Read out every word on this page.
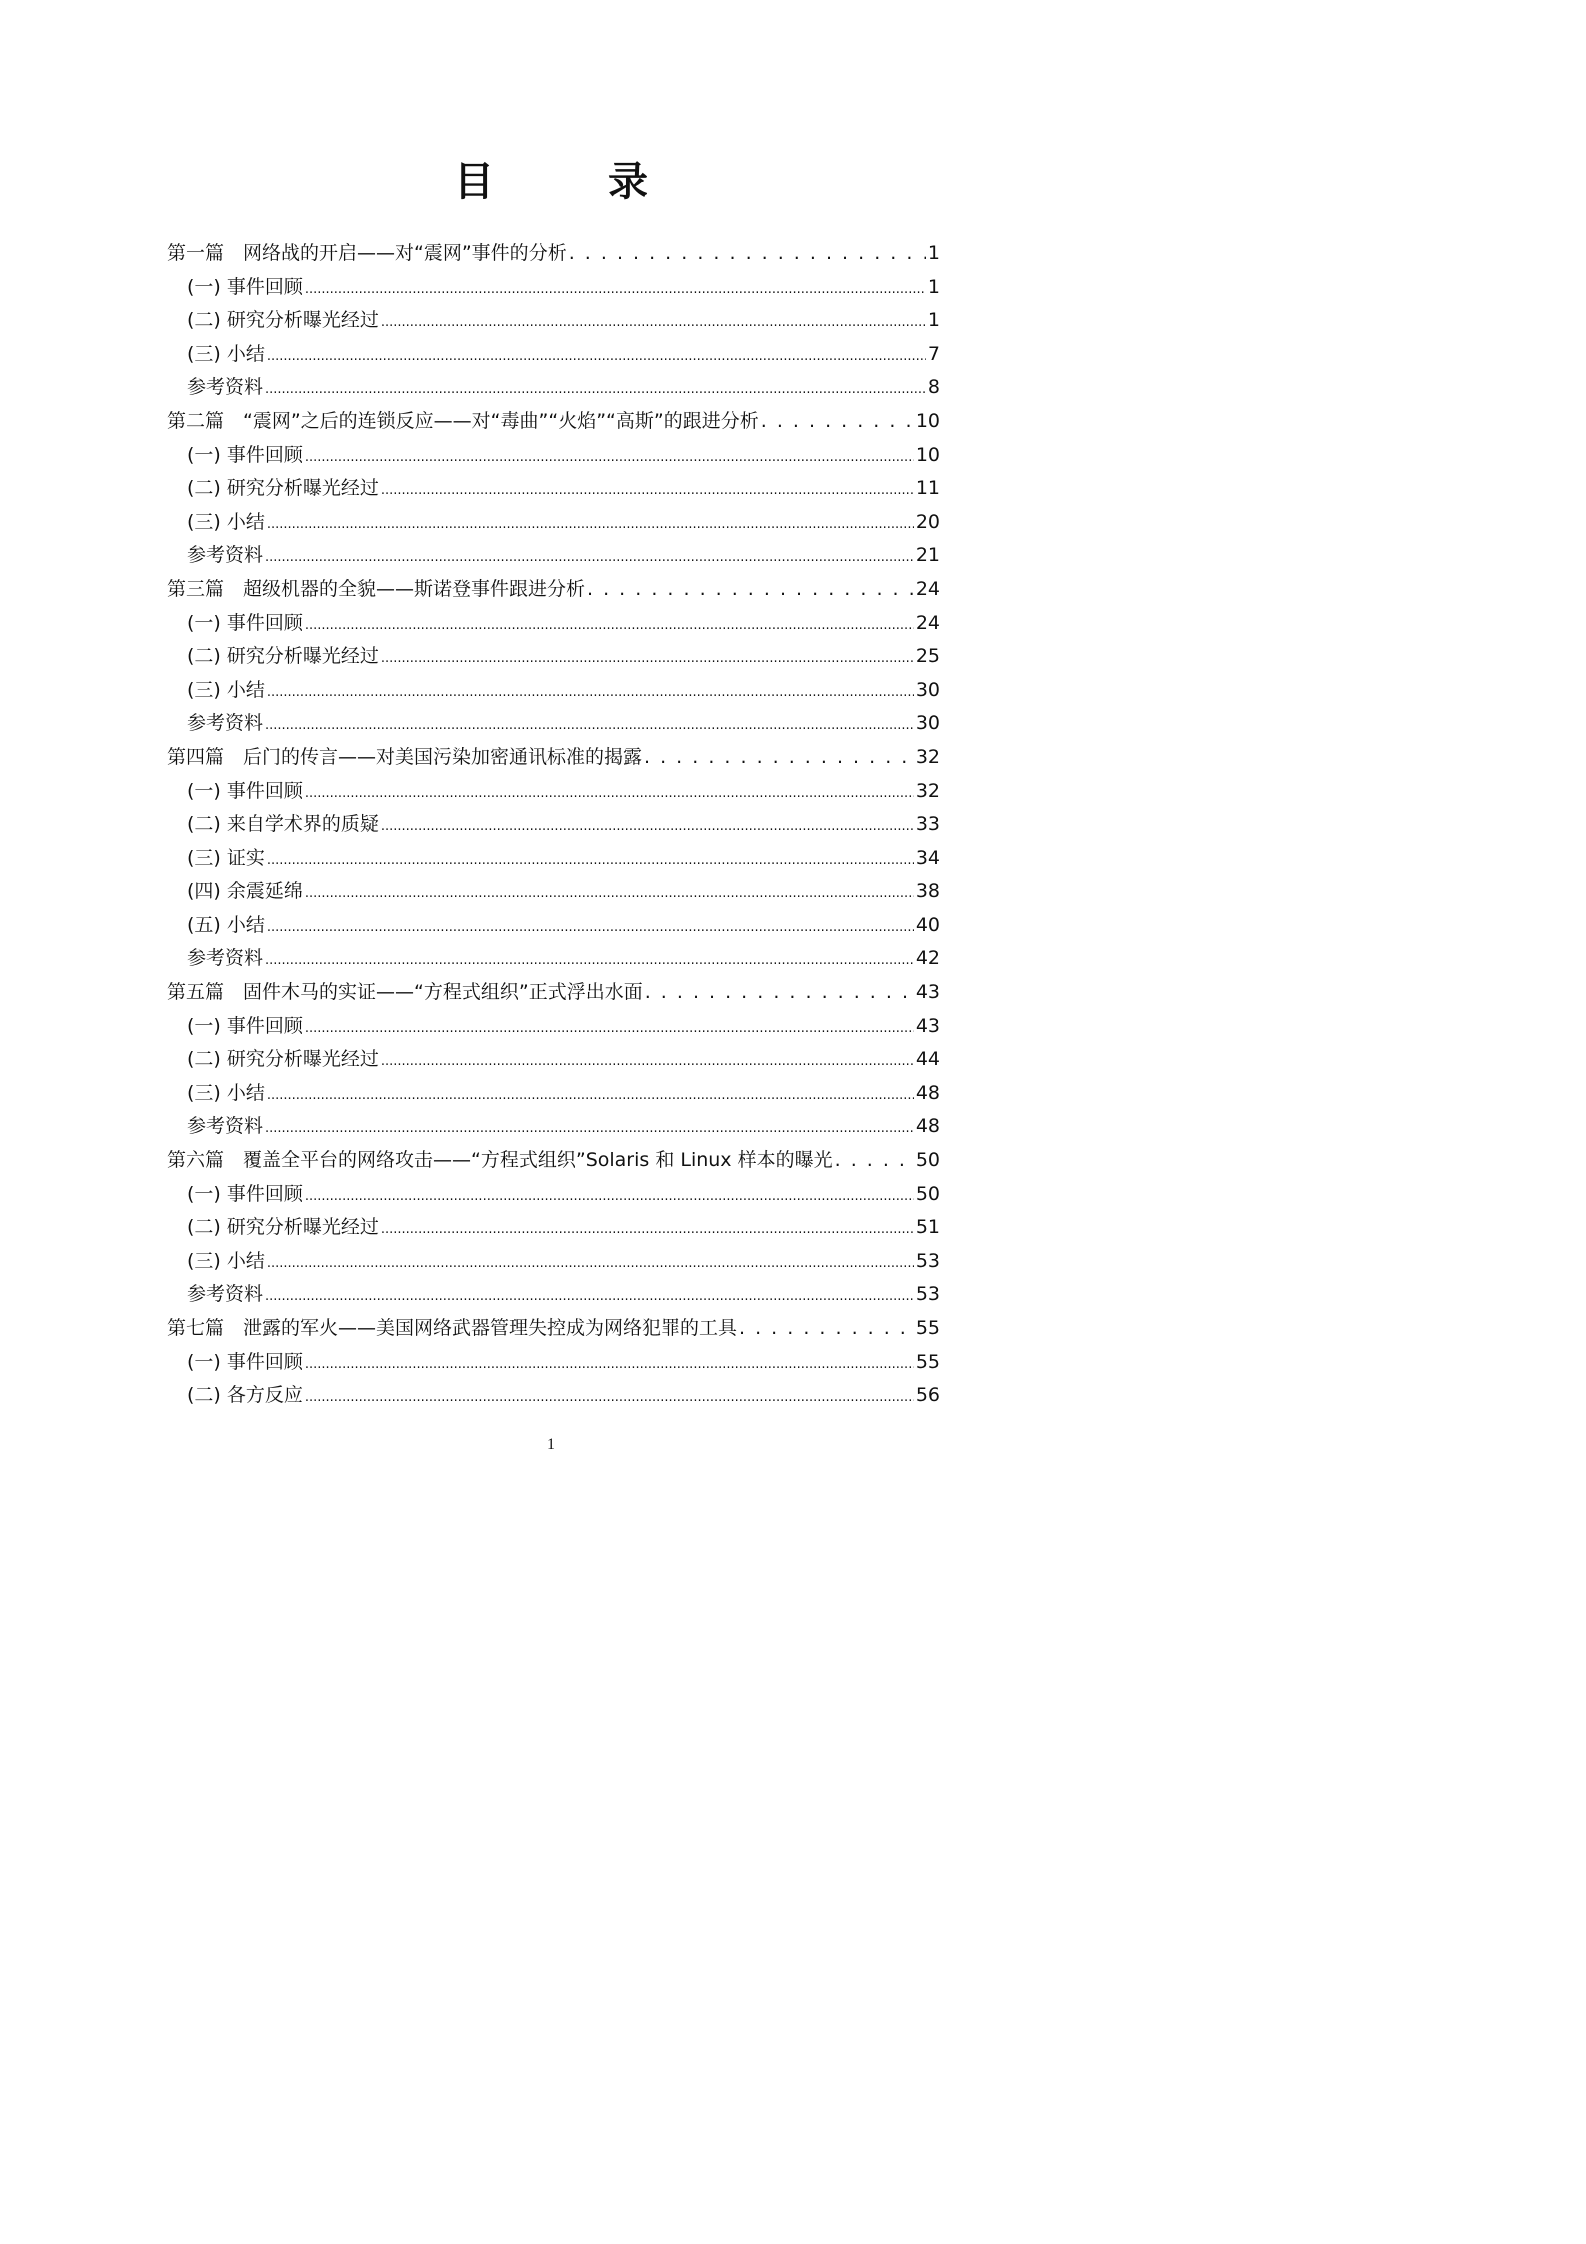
目 录
第一篇　网络战的开启——对“震网”事件的分析 . . .	1
(一) 事件回顾 .....	1
(二) 研究分析曝光经过 .....	1
(三) 小结 .....	7
参考资料 .....	8
第二篇　“震网”之后的连锁反应——对“毒曲”“火焰”“高斯”的跟进分析 . . .	10
(一) 事件回顾 .....	10
(二) 研究分析曝光经过 .....	11
(三) 小结 .....	20
参考资料 .....	21
第三篇　超级机器的全貌——斯诺登事件跟进分析 . . .	24
(一) 事件回顾 .....	24
(二) 研究分析曝光经过 .....	25
(三) 小结 .....	30
参考资料 .....	30
第四篇　后门的传言——对美国污染加密通讯标准的揭露 . . .	32
(一) 事件回顾 .....	32
(二) 来自学术界的质疑 .....	33
(三) 证实 .....	34
(四) 余震延绵 .....	38
(五) 小结 .....	40
参考资料 .....	42
第五篇　固件木马的实证——“方程式组织”正式浮出水面 . . .	43
(一) 事件回顾 .....	43
(二) 研究分析曝光经过 .....	44
(三) 小结 .....	48
参考资料 .....	48
第六篇　覆盖全平台的网络攻击——“方程式组织”Solaris 和 Linux 样本的曝光 . . .	50
(一) 事件回顾 .....	50
(二) 研究分析曝光经过 .....	51
(三) 小结 .....	53
参考资料 .....	53
第七篇　泄露的军火——美国网络武器管理失控成为网络犯罪的工具 . . .	55
(一) 事件回顾 .....	55
(二) 各方反应 .....	56

1
